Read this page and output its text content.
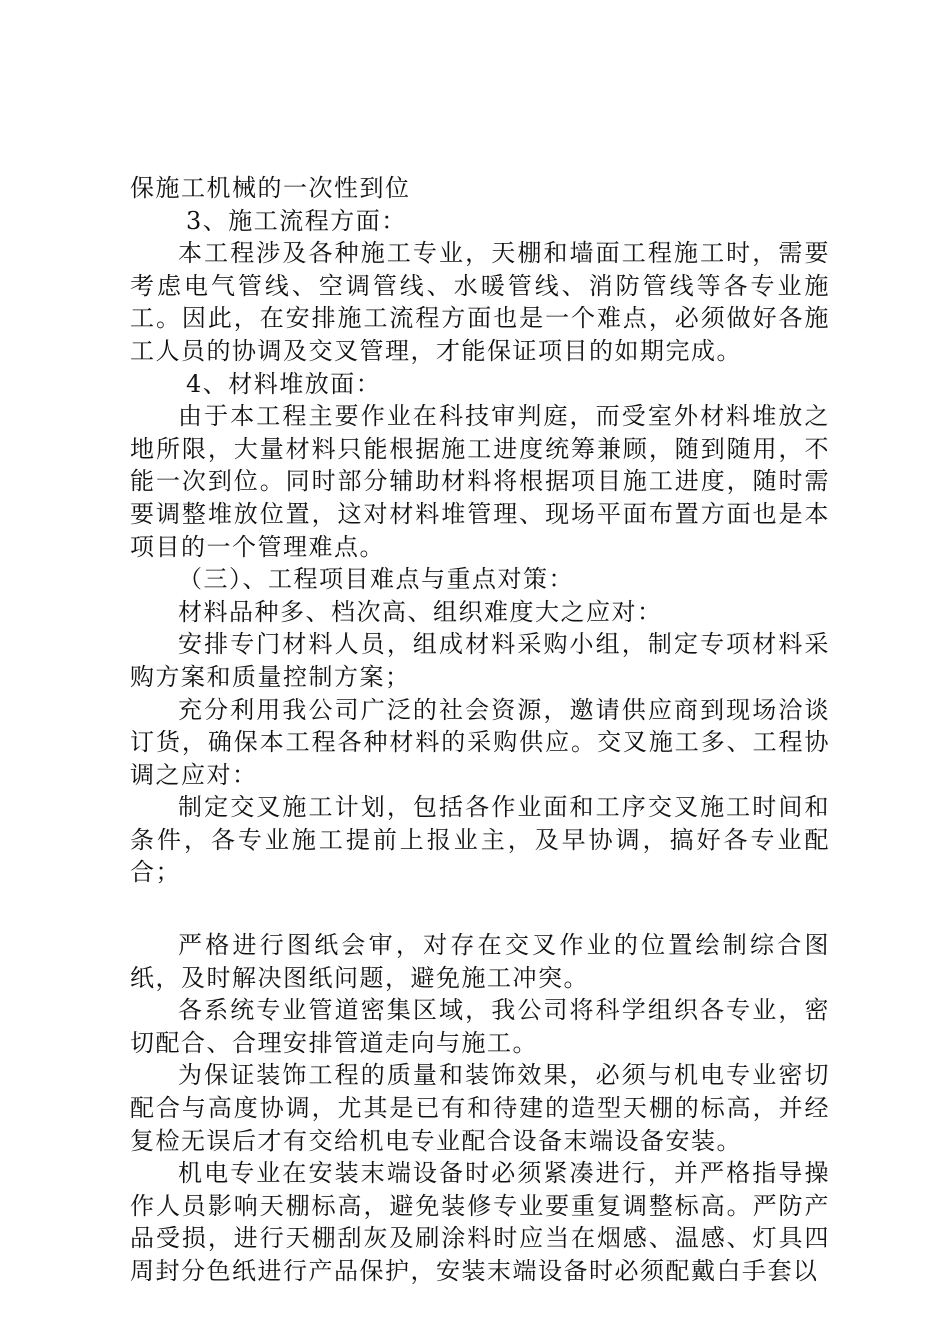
保施工机械的一次性到位

3、施工流程方面：

本工程涉及各种施工专业，天棚和墙面工程施工时，需要考虑电气管线、空调管线、水暖管线、消防管线等各专业施工。因此，在安排施工流程方面也是一个难点，必须做好各施工人员的协调及交叉管理，才能保证项目的如期完成。

4、材料堆放面：

由于本工程主要作业在科技审判庭，而受室外材料堆放之地所限，大量材料只能根据施工进度统筹兼顾，随到随用，不能一次到位。同时部分辅助材料将根据项目施工进度，随时需要调整堆放位置，这对材料堆管理、现场平面布置方面也是本项目的一个管理难点。

（三）、工程项目难点与重点对策：

材料品种多、档次高、组织难度大之应对：

安排专门材料人员，组成材料采购小组，制定专项材料采购方案和质量控制方案；

充分利用我公司广泛的社会资源，邀请供应商到现场洽谈订货，确保本工程各种材料的采购供应。交叉施工多、工程协调之应对：

制定交叉施工计划，包括各作业面和工序交叉施工时间和条件，各专业施工提前上报业主，及早协调，搞好各专业配合；

严格进行图纸会审，对存在交叉作业的位置绘制综合图纸，及时解决图纸问题，避免施工冲突。

各系统专业管道密集区域，我公司将科学组织各专业，密切配合、合理安排管道走向与施工。

为保证装饰工程的质量和装饰效果，必须与机电专业密切配合与高度协调，尤其是已有和待建的造型天棚的标高，并经复检无误后才有交给机电专业配合设备末端设备安装。

机电专业在安装末端设备时必须紧凑进行，并严格指导操作人员影响天棚标高，避免装修专业要重复调整标高。严防产品受损，进行天棚刮灰及刷涂料时应当在烟感、温感、灯具四周封分色纸进行产品保护，安装末端设备时必须配戴白手套以
